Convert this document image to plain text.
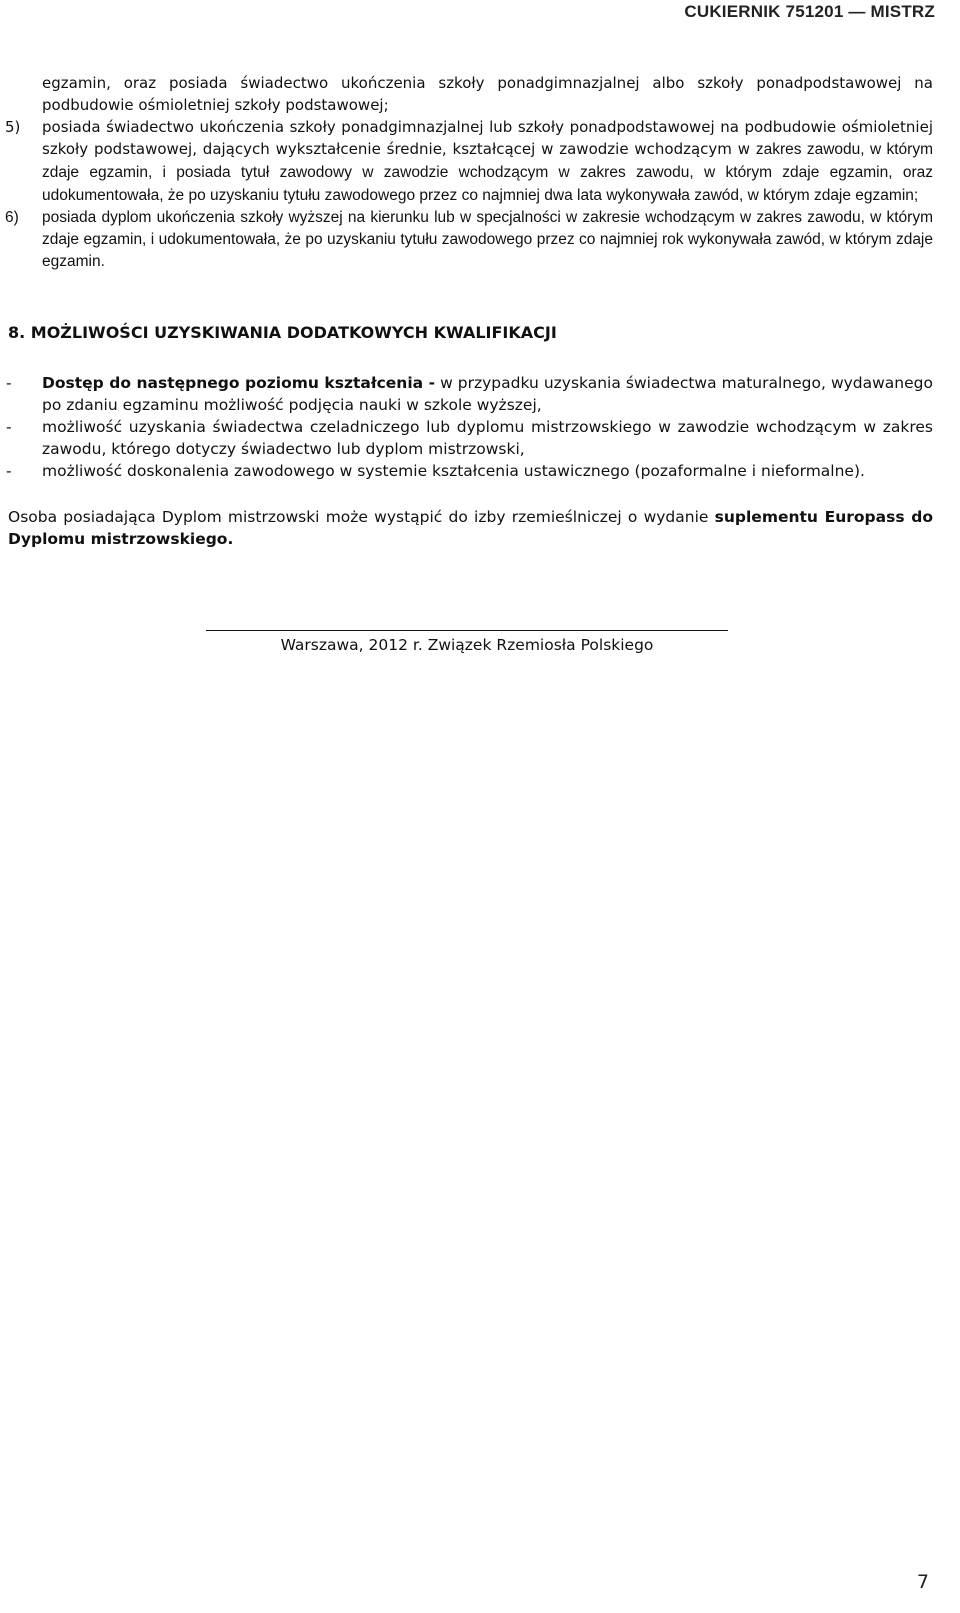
CUKIERNIK 751201 — MISTRZ
egzamin, oraz posiada świadectwo ukończenia szkoły ponadgimnazjalnej albo szkoły ponadpodstawowej na podbudowie ośmioletniej szkoły podstawowej;
5) posiada świadectwo ukończenia szkoły ponadgimnazjalnej lub szkoły ponadpodstawowej na podbudowie ośmioletniej szkoły podstawowej, dających wykształcenie średnie, kształcącej w zawodzie wchodzącym w zakres zawodu, w którym zdaje egzamin, i posiada tytuł zawodowy w zawodzie wchodzącym w zakres zawodu, w którym zdaje egzamin, oraz udokumentowała, że po uzyskaniu tytułu zawodowego przez co najmniej dwa lata wykonywała zawód, w którym zdaje egzamin;
6) posiada dyplom ukończenia szkoły wyższej na kierunku lub w specjalności w zakresie wchodzącym w zakres zawodu, w którym zdaje egzamin, i udokumentowała, że po uzyskaniu tytułu zawodowego przez co najmniej rok wykonywała zawód, w którym zdaje egzamin.
8. MOŻLIWOŚCI UZYSKIWANIA DODATKOWYCH KWALIFIKACJI
- Dostęp do następnego poziomu kształcenia - w przypadku uzyskania świadectwa maturalnego, wydawanego po zdaniu egzaminu możliwość podjęcia nauki w szkole wyższej,
- możliwość uzyskania świadectwa czeladniczego lub dyplomu mistrzowskiego w zawodzie wchodzącym w zakres zawodu, którego dotyczy świadectwo lub dyplom mistrzowski,
- możliwość doskonalenia zawodowego w systemie kształcenia ustawicznego (pozaformalne i nieformalne).
Osoba posiadająca Dyplom mistrzowski może wystąpić do izby rzemieślniczej o wydanie suplementu Europass do Dyplomu mistrzowskiego.
Warszawa, 2012 r. Związek Rzemiosła Polskiego
7
